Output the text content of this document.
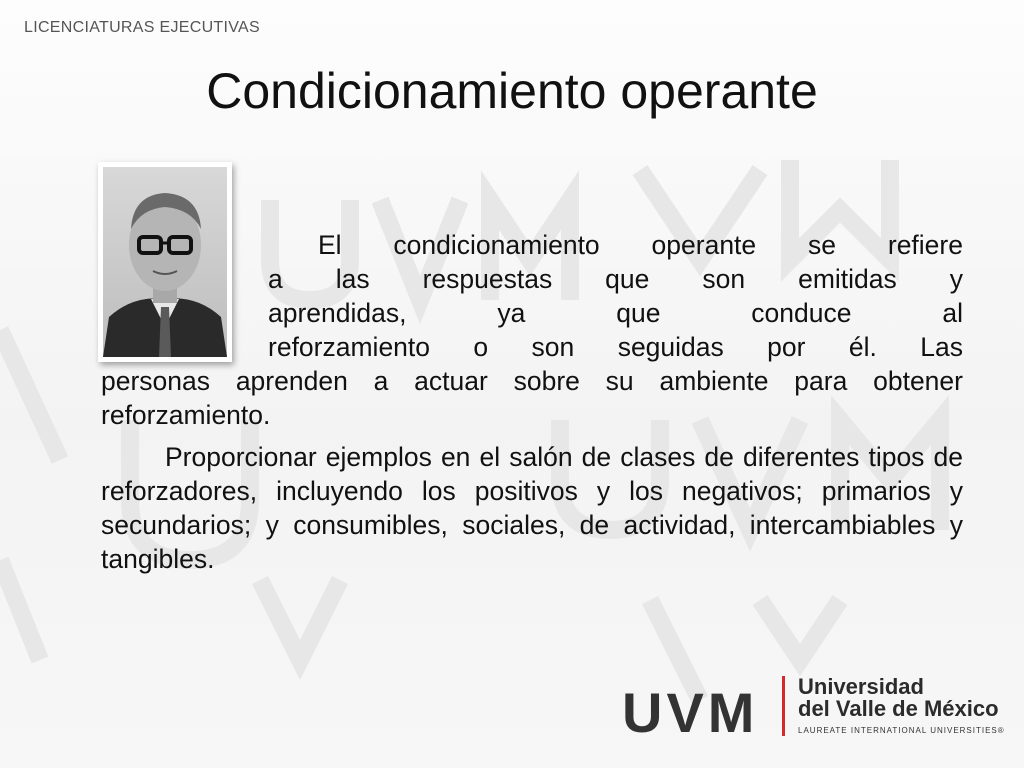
LICENCIATURAS EJECUTIVAS
Condicionamiento operante

El condicionamiento operante se refiere
a las respuestas que son emitidas y
aprendidas, ya que conduce al
reforzamiento o son seguidas por él. Las
personas aprenden a actuar sobre su ambiente para obtener reforzamiento.

Proporcionar ejemplos en el salón de clases de diferentes tipos de reforzadores, incluyendo los positivos y los negativos; primarios y secundarios; y consumibles, sociales, de actividad, intercambiables y tangibles.

UVM Universidad
del Valle de México
LAUREATE INTERNATIONAL UNIVERSITIES®
